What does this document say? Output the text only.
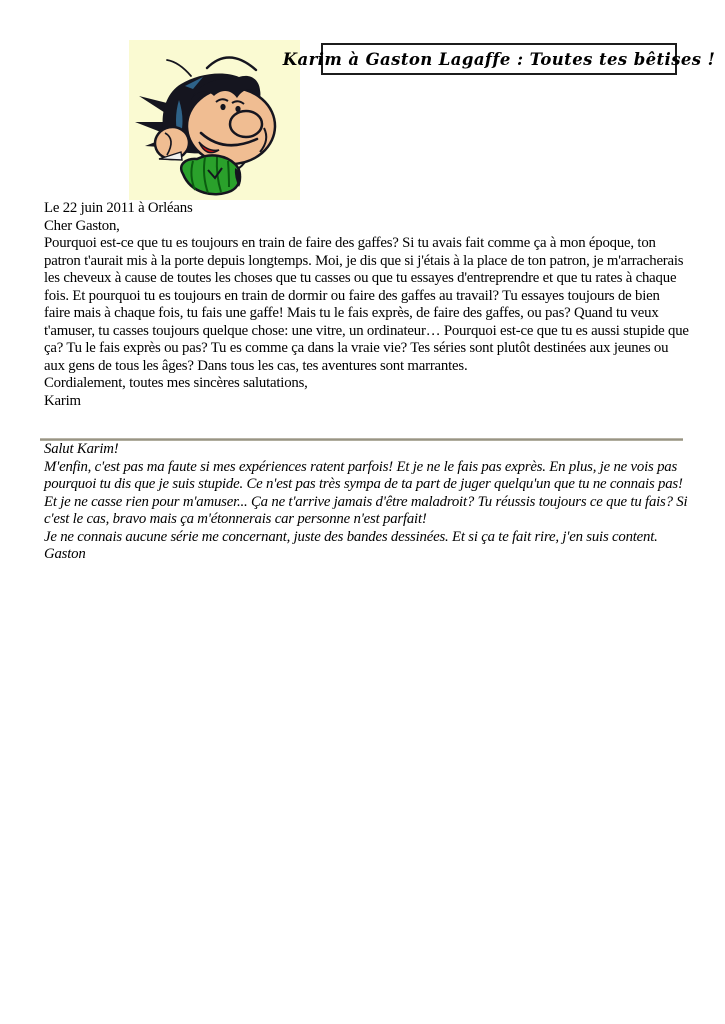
Karim à Gaston Lagaffe : Toutes tes bêtises !

Le 22 juin 2011 à Orléans

Cher Gaston,

Pourquoi est-ce que tu es toujours en train de faire des gaffes? Si tu avais fait comme ça à mon époque, ton patron t'aurait mis à la porte depuis longtemps. Moi, je dis que si j'étais à la place de ton patron, je m'arracherais les cheveux à cause de toutes les choses que tu casses ou que tu essayes d'entreprendre et que tu rates à chaque fois. Et pourquoi tu es toujours en train de dormir ou faire des gaffes au travail? Tu essayes toujours de bien faire mais à chaque fois, tu fais une gaffe! Mais tu le fais exprès, de faire des gaffes, ou pas? Quand tu veux t'amuser, tu casses toujours quelque chose: une vitre, un ordinateur… Pourquoi est-ce que tu es aussi stupide que ça? Tu le fais exprès ou pas? Tu es comme ça dans la vraie vie? Tes séries sont plutôt destinées aux jeunes ou aux gens de tous les âges? Dans tous les cas, tes aventures sont marrantes.

Cordialement, toutes mes sincères salutations,

Karim

Salut Karim!

M'enfin, c'est pas ma faute si mes expériences ratent parfois! Et je ne le fais pas exprès. En plus, je ne vois pas pourquoi tu dis que je suis stupide. Ce n'est pas très sympa de ta part de juger quelqu'un que tu ne connais pas! Et je ne casse rien pour m'amuser... Ça ne t'arrive jamais d'être maladroit? Tu réussis toujours ce que tu fais? Si c'est le cas, bravo mais ça m'étonnerais car personne n'est parfait!

Je ne connais aucune série me concernant, juste des bandes dessinées. Et si ça te fait rire, j'en suis content.

Gaston
